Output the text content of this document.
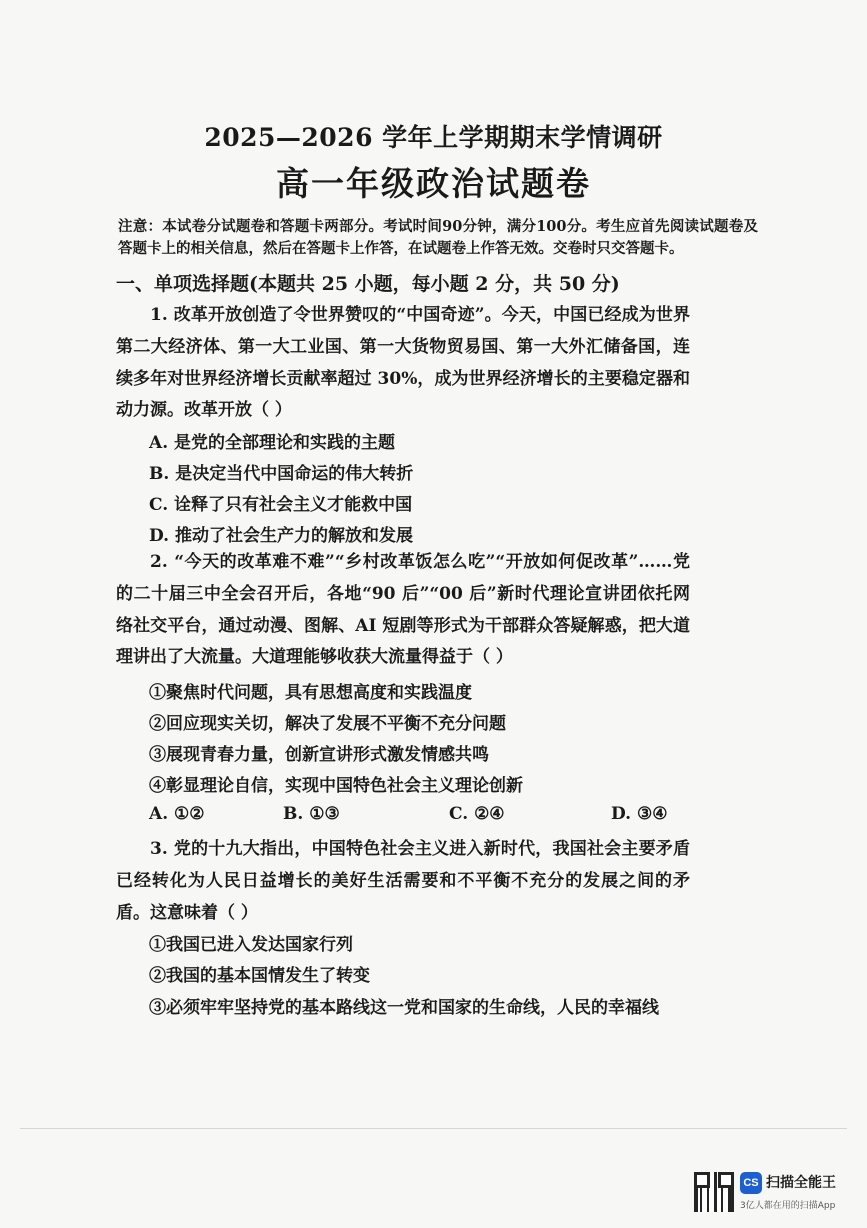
2025—2026 学年上学期期末学情调研
高一年级政治试题卷
注意：本试卷分试题卷和答题卡两部分。考试时间90分钟，满分100分。考生应首先阅读试题卷及答题卡上的相关信息，然后在答题卡上作答，在试题卷上作答无效。交卷时只交答题卡。
一、单项选择题(本题共 25 小题，每小题 2 分，共 50 分)

1. 改革开放创造了令世界赞叹的“中国奇迹”。今天，中国已经成为世界第二大经济体、第一大工业国、第一大货物贸易国、第一大外汇储备国，连续多年对世界经济增长贡献率超过 30%，成为世界经济增长的主要稳定器和动力源。改革开放（ ）

A. 是党的全部理论和实践的主题
B. 是决定当代中国命运的伟大转折
C. 诠释了只有社会主义才能救中国
D. 推动了社会生产力的解放和发展

2. “今天的改革难不难”“乡村改革饭怎么吃”“开放如何促改革”……党的二十届三中全会召开后，各地“90 后”“00 后”新时代理论宣讲团依托网络社交平台，通过动漫、图解、AI 短剧等形式为干部群众答疑解惑，把大道理讲出了大流量。大道理能够收获大流量得益于（ ）

①聚焦时代问题，具有思想高度和实践温度
②回应现实关切，解决了发展不平衡不充分问题
③展现青春力量，创新宣讲形式激发情感共鸣
④彰显理论自信，实现中国特色社会主义理论创新
A. ①②	B. ①③	C. ②④	D. ③④

3. 党的十九大指出，中国特色社会主义进入新时代，我国社会主要矛盾已经转化为人民日益增长的美好生活需要和不平衡不充分的发展之间的矛盾。这意味着（ ）

①我国已进入发达国家行列
②我国的基本国情发生了转变
③必须牢牢坚持党的基本路线这一党和国家的生命线，人民的幸福线
CS 扫描全能王
3亿人都在用的扫描App
